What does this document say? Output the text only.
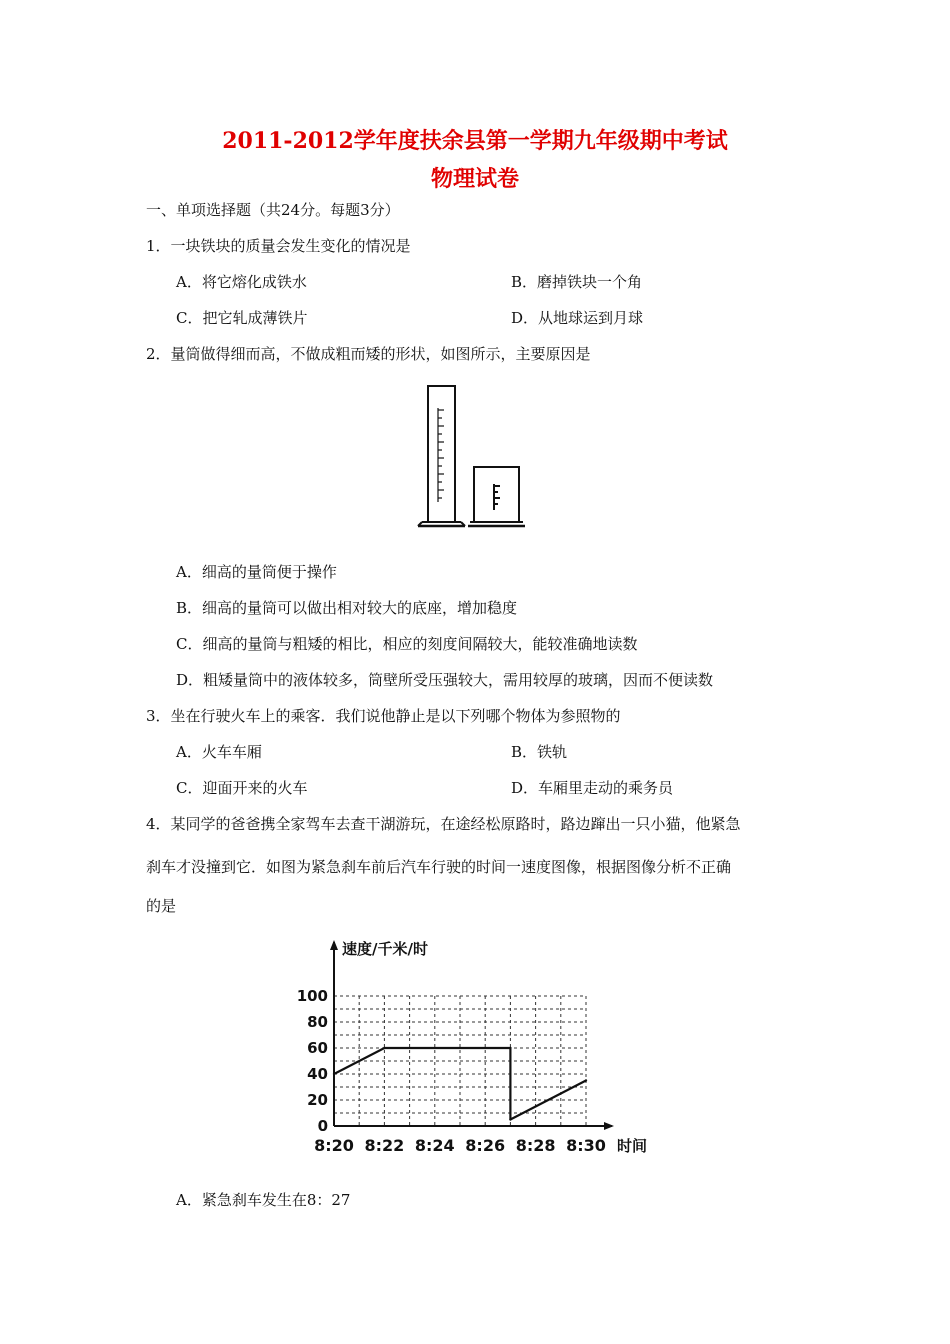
2011-2012学年度扶余县第一学期九年级期中考试
物理试卷
一、单项选择题（共24分。每题3分）
1．一块铁块的质量会发生变化的情况是
A．将它熔化成铁水	B．磨掉铁块一个角
C．把它轧成薄铁片	D．从地球运到月球
2．量筒做得细而高，不做成粗而矮的形状，如图所示，主要原因是
A．细高的量筒便于操作
B．细高的量筒可以做出相对较大的底座，增加稳度
C．细高的量筒与粗矮的相比，相应的刻度间隔较大，能较准确地读数
D．粗矮量筒中的液体较多，筒壁所受压强较大，需用较厚的玻璃，因而不便读数
3．坐在行驶火车上的乘客．我们说他静止是以下列哪个物体为参照物的
A．火车车厢	B．铁轨
C．迎面开来的火车	D．车厢里走动的乘务员
4．某同学的爸爸携全家驾车去查干湖游玩，在途经松原路时，路边蹿出一只小猫，他紧急
刹车才没撞到它．如图为紧急刹车前后汽车行驶的时间一速度图像，根据图像分析不正确
的是
0
20
40
60
80
100
8:20 8:22 8:24 8:26 8:28 8:30
速度/千米/时
时间
A．紧急刹车发生在8：27
